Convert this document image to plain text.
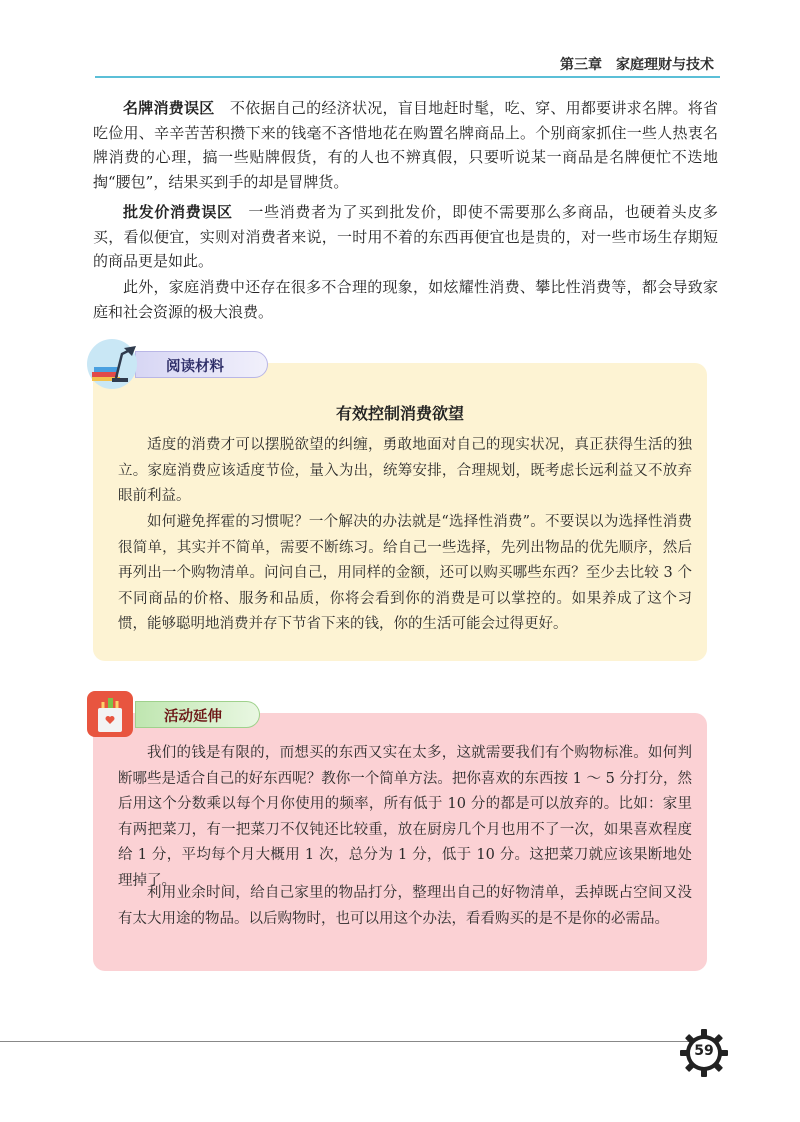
第三章　家庭理财与技术
名牌消费误区　不依据自己的经济状况，盲目地赶时髦，吃、穿、用都要讲求名牌。将省吃俭用、辛辛苦苦积攒下来的钱毫不吝惜地花在购置名牌商品上。个别商家抓住一些人热衷名牌消费的心理，搞一些贴牌假货，有的人也不辨真假，只要听说某一商品是名牌便忙不迭地掏“腰包”，结果买到手的却是冒牌货。
批发价消费误区　一些消费者为了买到批发价，即使不需要那么多商品，也硬着头皮多买，看似便宜，实则对消费者来说，一时用不着的东西再便宜也是贵的，对一些市场生存期短的商品更是如此。
此外，家庭消费中还存在很多不合理的现象，如炫耀性消费、攀比性消费等，都会导致家庭和社会资源的极大浪费。
阅读材料
有效控制消费欲望
适度的消费才可以摆脱欲望的纠缠，勇敢地面对自己的现实状况，真正获得生活的独立。家庭消费应该适度节俭，量入为出，统筹安排，合理规划，既考虑长远利益又不放弃眼前利益。
如何避免挥霍的习惯呢？一个解决的办法就是“选择性消费”。不要误以为选择性消费很简单，其实并不简单，需要不断练习。给自己一些选择，先列出物品的优先顺序，然后再列出一个购物清单。问问自己，用同样的金额，还可以购买哪些东西？至少去比较 3 个不同商品的价格、服务和品质，你将会看到你的消费是可以掌控的。如果养成了这个习惯，能够聪明地消费并存下节省下来的钱，你的生活可能会过得更好。
活动延伸
我们的钱是有限的，而想买的东西又实在太多，这就需要我们有个购物标准。如何判断哪些是适合自己的好东西呢？教你一个简单方法。把你喜欢的东西按 1 ～ 5 分打分，然后用这个分数乘以每个月你使用的频率，所有低于 10 分的都是可以放弃的。比如：家里有两把菜刀，有一把菜刀不仅钝还比较重，放在厨房几个月也用不了一次，如果喜欢程度给 1 分，平均每个月大概用 1 次，总分为 1 分，低于 10 分。这把菜刀就应该果断地处理掉了。
利用业余时间，给自己家里的物品打分，整理出自己的好物清单，丢掉既占空间又没有太大用途的物品。以后购物时，也可以用这个办法，看看购买的是不是你的必需品。
59
